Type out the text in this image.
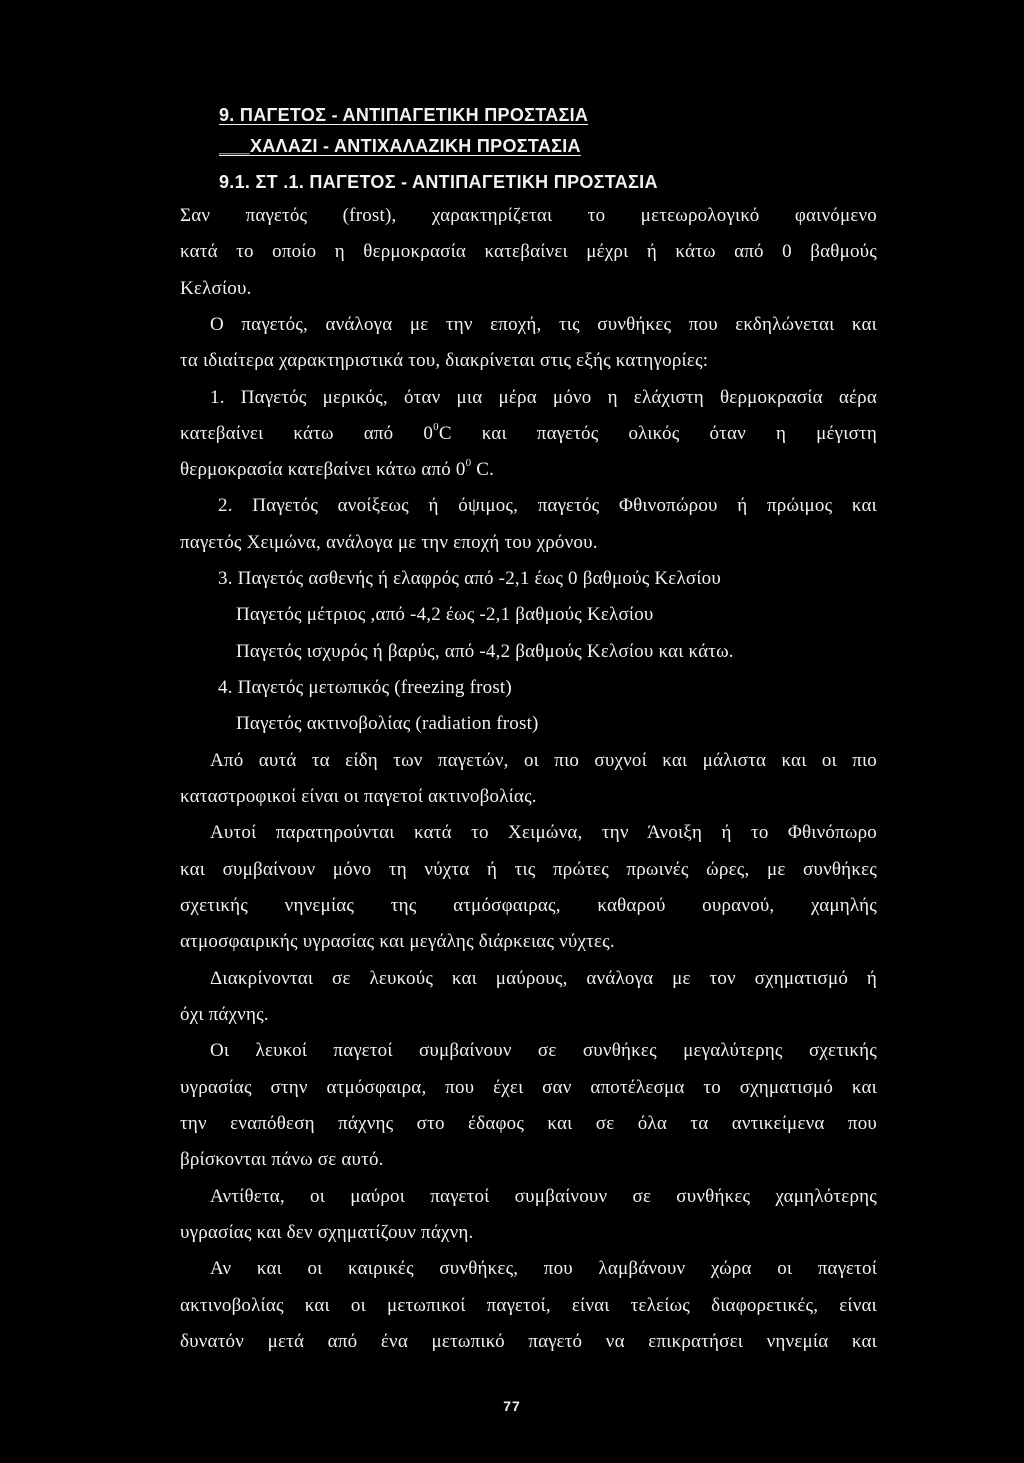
9. ΠΑΓΕΤΟΣ - ΑΝΤΙΠΑΓΕΤΙΚΗ ΠΡΟΣΤΑΣΙΑ
___ΧΑΛΑΖΙ - ΑΝΤΙΧΑΛΑΖΙΚΗ ΠΡΟΣΤΑΣΙΑ
9.1. ΣΤ .1. ΠΑΓΕΤΟΣ - ΑΝΤΙΠΑΓΕΤΙΚΗ ΠΡΟΣΤΑΣΙΑ
Σαν παγετός (frost), χαρακτηρίζεται το μετεωρολογικό φαινόμενο
κατά το οποίο η θερμοκρασία κατεβαίνει μέχρι ή κάτω από 0 βαθμούς
Κελσίου.
Ο παγετός, ανάλογα με την εποχή, τις συνθήκες που εκδηλώνεται και
τα ιδιαίτερα χαρακτηριστικά του, διακρίνεται στις εξής κατηγορίες:
1. Παγετός μερικός, όταν μια μέρα μόνο η ελάχιστη θερμοκρασία αέρα
κατεβαίνει κάτω από $0^0C$ και παγετός ολικός όταν η μέγιστη
θερμοκρασία κατεβαίνει κάτω από $0^0$ C.
2. Παγετός ανοίξεως ή όψιμος, παγετός Φθινοπώρου ή πρώιμος και
παγετός Χειμώνα, ανάλογα με την εποχή του χρόνου.
3. Παγετός ασθενής ή ελαφρός από -2,1 έως 0 βαθμούς Κελσίου
Παγετός μέτριος ,από -4,2 έως -2,1 βαθμούς Κελσίου
Παγετός ισχυρός ή βαρύς, από -4,2 βαθμούς Κελσίου και κάτω.
4. Παγετός μετωπικός (freezing frost)
Παγετός ακτινοβολίας (radiation frost)
Από αυτά τα είδη των παγετών, οι πιο συχνοί και μάλιστα και οι πιο
καταστροφικοί είναι οι παγετοί ακτινοβολίας.
Αυτοί παρατηρούνται κατά το Χειμώνα, την Άνοιξη ή το Φθινόπωρο
και συμβαίνουν μόνο τη νύχτα ή τις πρώτες πρωινές ώρες, με συνθήκες
σχετικής νηνεμίας της ατμόσφαιρας, καθαρού ουρανού, χαμηλής
ατμοσφαιρικής υγρασίας και μεγάλης διάρκειας νύχτες.
Διακρίνονται σε λευκούς και μαύρους, ανάλογα με τον σχηματισμό ή
όχι πάχνης.
Οι λευκοί παγετοί συμβαίνουν σε συνθήκες μεγαλύτερης σχετικής
υγρασίας στην ατμόσφαιρα, που έχει σαν αποτέλεσμα το σχηματισμό και
την εναπόθεση πάχνης στο έδαφος και σε όλα τα αντικείμενα που
βρίσκονται πάνω σε αυτό.
Αντίθετα, οι μαύροι παγετοί συμβαίνουν σε συνθήκες χαμηλότερης
υγρασίας και δεν σχηματίζουν πάχνη.
Αν και οι καιρικές συνθήκες, που λαμβάνουν χώρα οι παγετοί
ακτινοβολίας και οι μετωπικοί παγετοί, είναι τελείως διαφορετικές, είναι
δυνατόν μετά από ένα μετωπικό παγετό να επικρατήσει νηνεμία και
77
